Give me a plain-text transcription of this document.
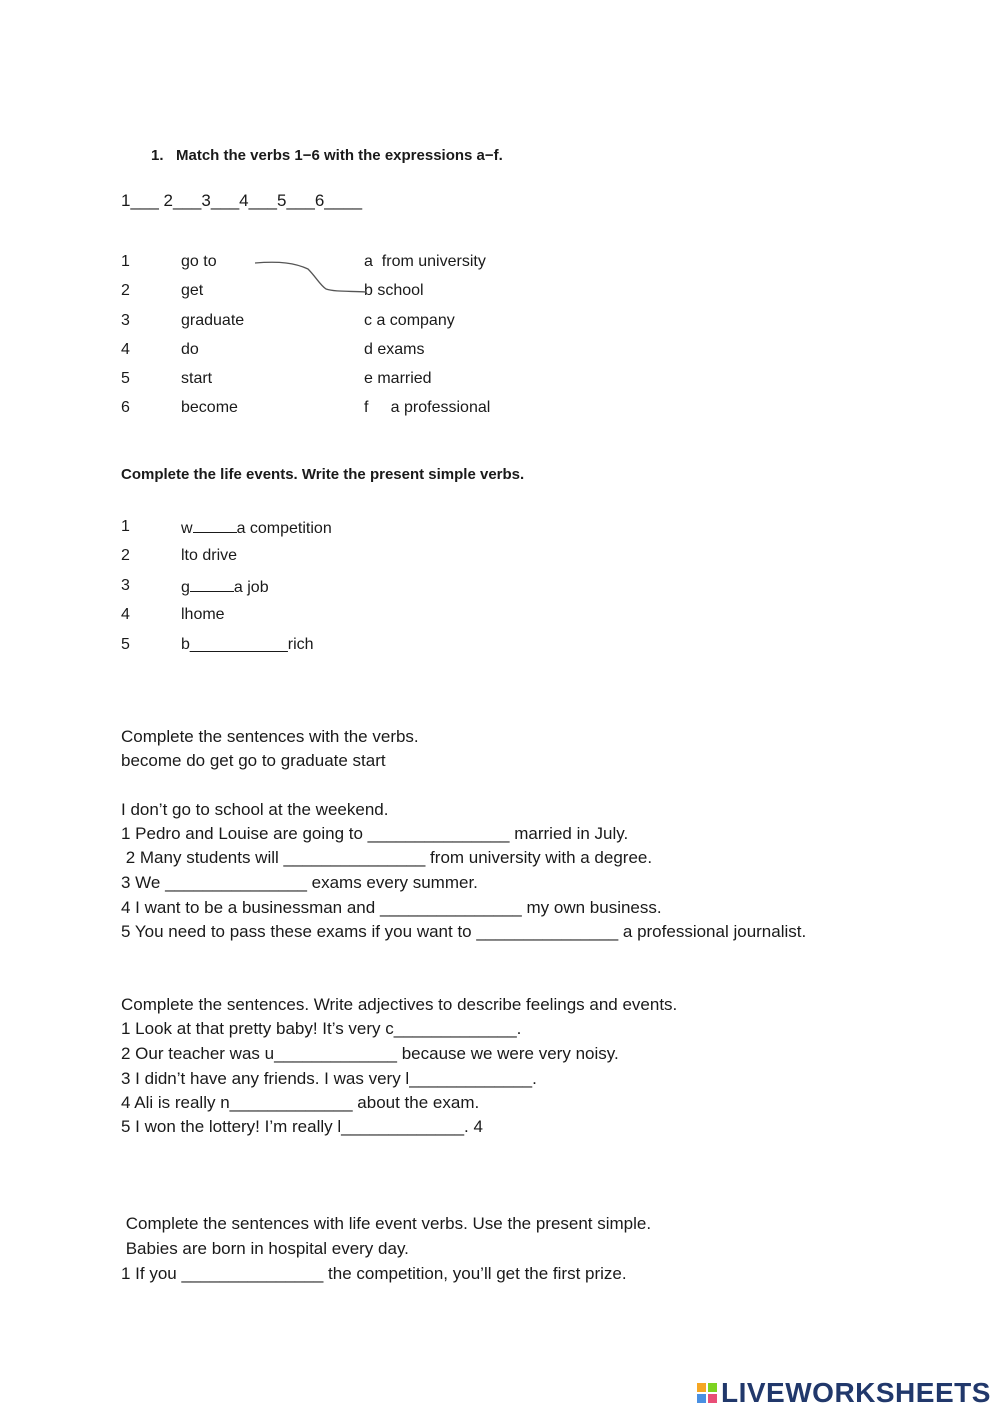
1.   Match the verbs 1−6 with the expressions a−f.
1___ 2___3___4___5___6____
1	go to	a  from university
2	get	b school
3	graduate	c a company
4	do	d exams
5	start	e married
6	become	f     a professional
Complete the life events. Write the present simple verbs.
1	w	a competition
2	lto drive
3	g	a job
4	lhome
5	b___________rich
Complete the sentences with the verbs.
become do get go to graduate start
I don’t go to school at the weekend.
1 Pedro and Louise are going to _______________ married in July.
2 Many students will _______________ from university with a degree.
3 We _______________ exams every summer.
4 I want to be a businessman and _______________ my own business.
5 You need to pass these exams if you want to _______________ a professional journalist.
Complete the sentences. Write adjectives to describe feelings and events.
1 Look at that pretty baby! It’s very c_____________.
2 Our teacher was u_____________ because we were very noisy.
3 I didn’t have any friends. I was very l_____________.
4 Ali is really n_____________ about the exam.
5 I won the lottery! I’m really l_____________. 4
Complete the sentences with life event verbs. Use the present simple.
Babies are born in hospital every day.
1 If you _______________ the competition, you’ll get the first prize.
LIVEWORKSHEETS
